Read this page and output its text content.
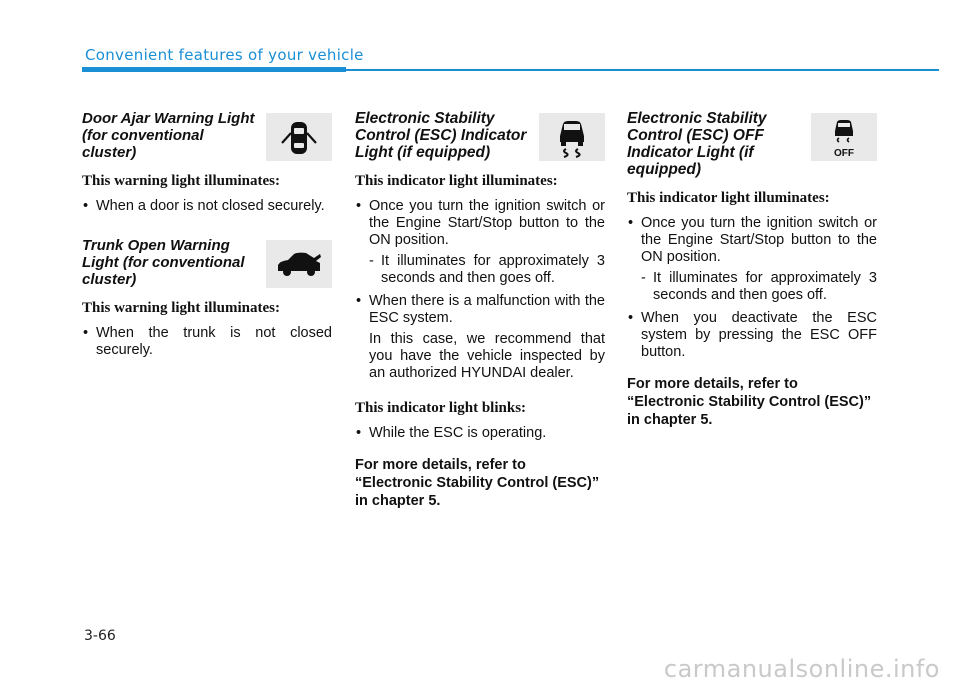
Convenient features of your vehicle
Door Ajar Warning Light (for conventional cluster)
This warning light illuminates:
• When a door is not closed securely.
Trunk Open Warning Light (for conventional cluster)
This warning light illuminates:
• When the trunk is not closed securely.
Electronic Stability Control (ESC) Indicator Light (if equipped)
This indicator light illuminates:
• Once you turn the ignition switch or the Engine Start/Stop button to the ON position.
- It illuminates for approximately 3 seconds and then goes off.
• When there is a malfunction with the ESC system.
In this case, we recommend that you have the vehicle inspected by an authorized HYUNDAI dealer.
This indicator light blinks:
• While the ESC is operating.
For more details, refer to “Electronic Stability Control (ESC)” in chapter 5.
Electronic Stability Control (ESC) OFF Indicator Light (if equipped)
OFF
This indicator light illuminates:
• Once you turn the ignition switch or the Engine Start/Stop button to the ON position.
- It illuminates for approximately 3 seconds and then goes off.
• When you deactivate the ESC system by pressing the ESC OFF button.
For more details, refer to “Electronic Stability Control (ESC)” in chapter 5.
3-66
carmanualsonline.info
